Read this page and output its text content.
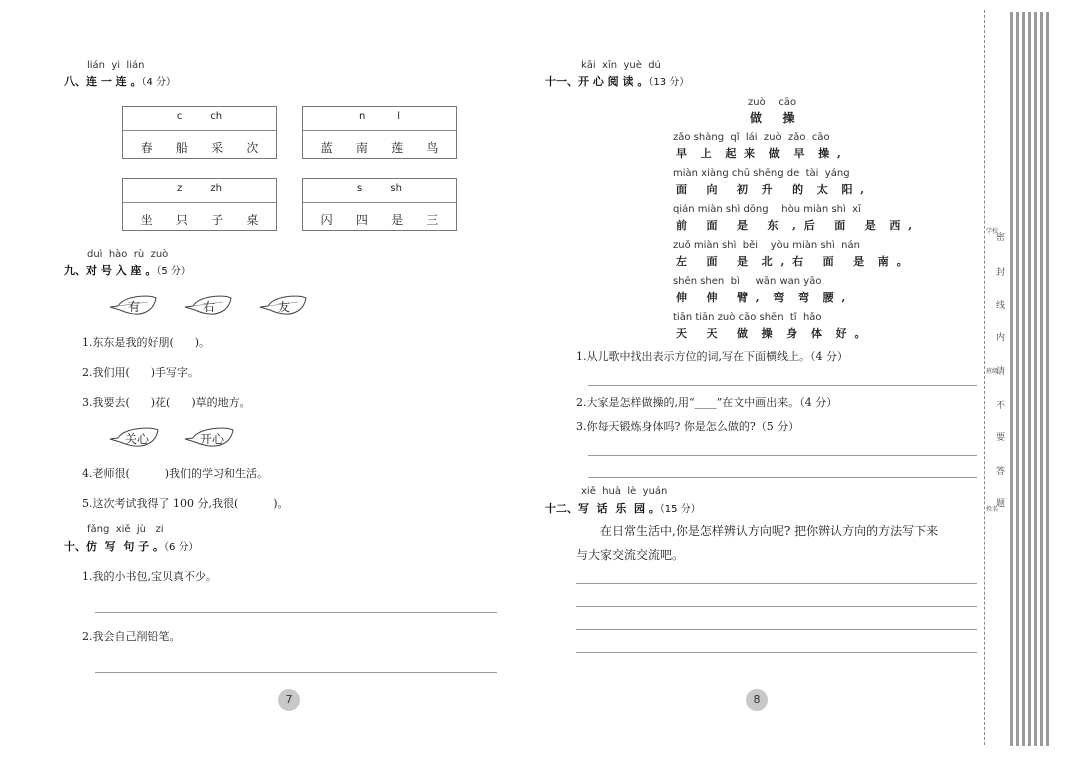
lián  yi  lián
八、连 一 连 。（4 分）
c	ch
春 船 采 次
n	l
蓝 南 莲 鸟
z	zh
坐 只 子 桌
s	sh
闪 四 是 三
duì  hào  rù  zuò
九、对 号 入 座 。（5 分）
有	右	友
1.东东是我的好朋(      )。
2.我们用(      )手写字。
3.我要去(      )花(      )草的地方。
关心	开心
4.老师很(          )我们的学习和生活。
5.这次考试我得了 100 分,我很(          )。
fǎng  xiě  jù   zi
十、仿  写  句 子 。（6 分）
1.我的小书包,宝贝真不少。
2.我会自己削铅笔。
7
kāi  xīn  yuè  dú
十一、开 心 阅 读 。（13 分）
zuò    cāo
做   操
zǎo shàng  qǐ  lái  zuò  zǎo  cāo
早  上  起 来  做  早  操 ,
miàn xiàng chū shēng de  tài  yáng
面   向   初  升   的  太  阳 ,
qián miàn shì dōng    hòu miàn shì  xī
前   面   是   东  , 后   面   是  西 ,
zuǒ miàn shì  běi    yòu miàn shì  nán
左   面   是  北 , 右   面   是  南 。
shēn shen  bì     wān wan yāo
伸   伸   臂 ,  弯  弯  腰 ,
tiān tiān zuò cāo shēn  tǐ  hǎo
天   天   做  操  身  体  好 。
1.从儿歌中找出表示方位的词,写在下面横线上。（4 分）
2.大家是怎样做操的,用“____”在文中画出来。（4 分）
3.你每天锻炼身体吗? 你是怎么做的?（5 分）
xiě  huà  lè  yuán
十二、写  话  乐  园 。（15 分）
在日常生活中,你是怎样辨认方向呢? 把你辨认方向的方法写下来
与大家交流交流吧。
8
密
封
线
内
请
不
要
答
题
学校
班级
姓名
